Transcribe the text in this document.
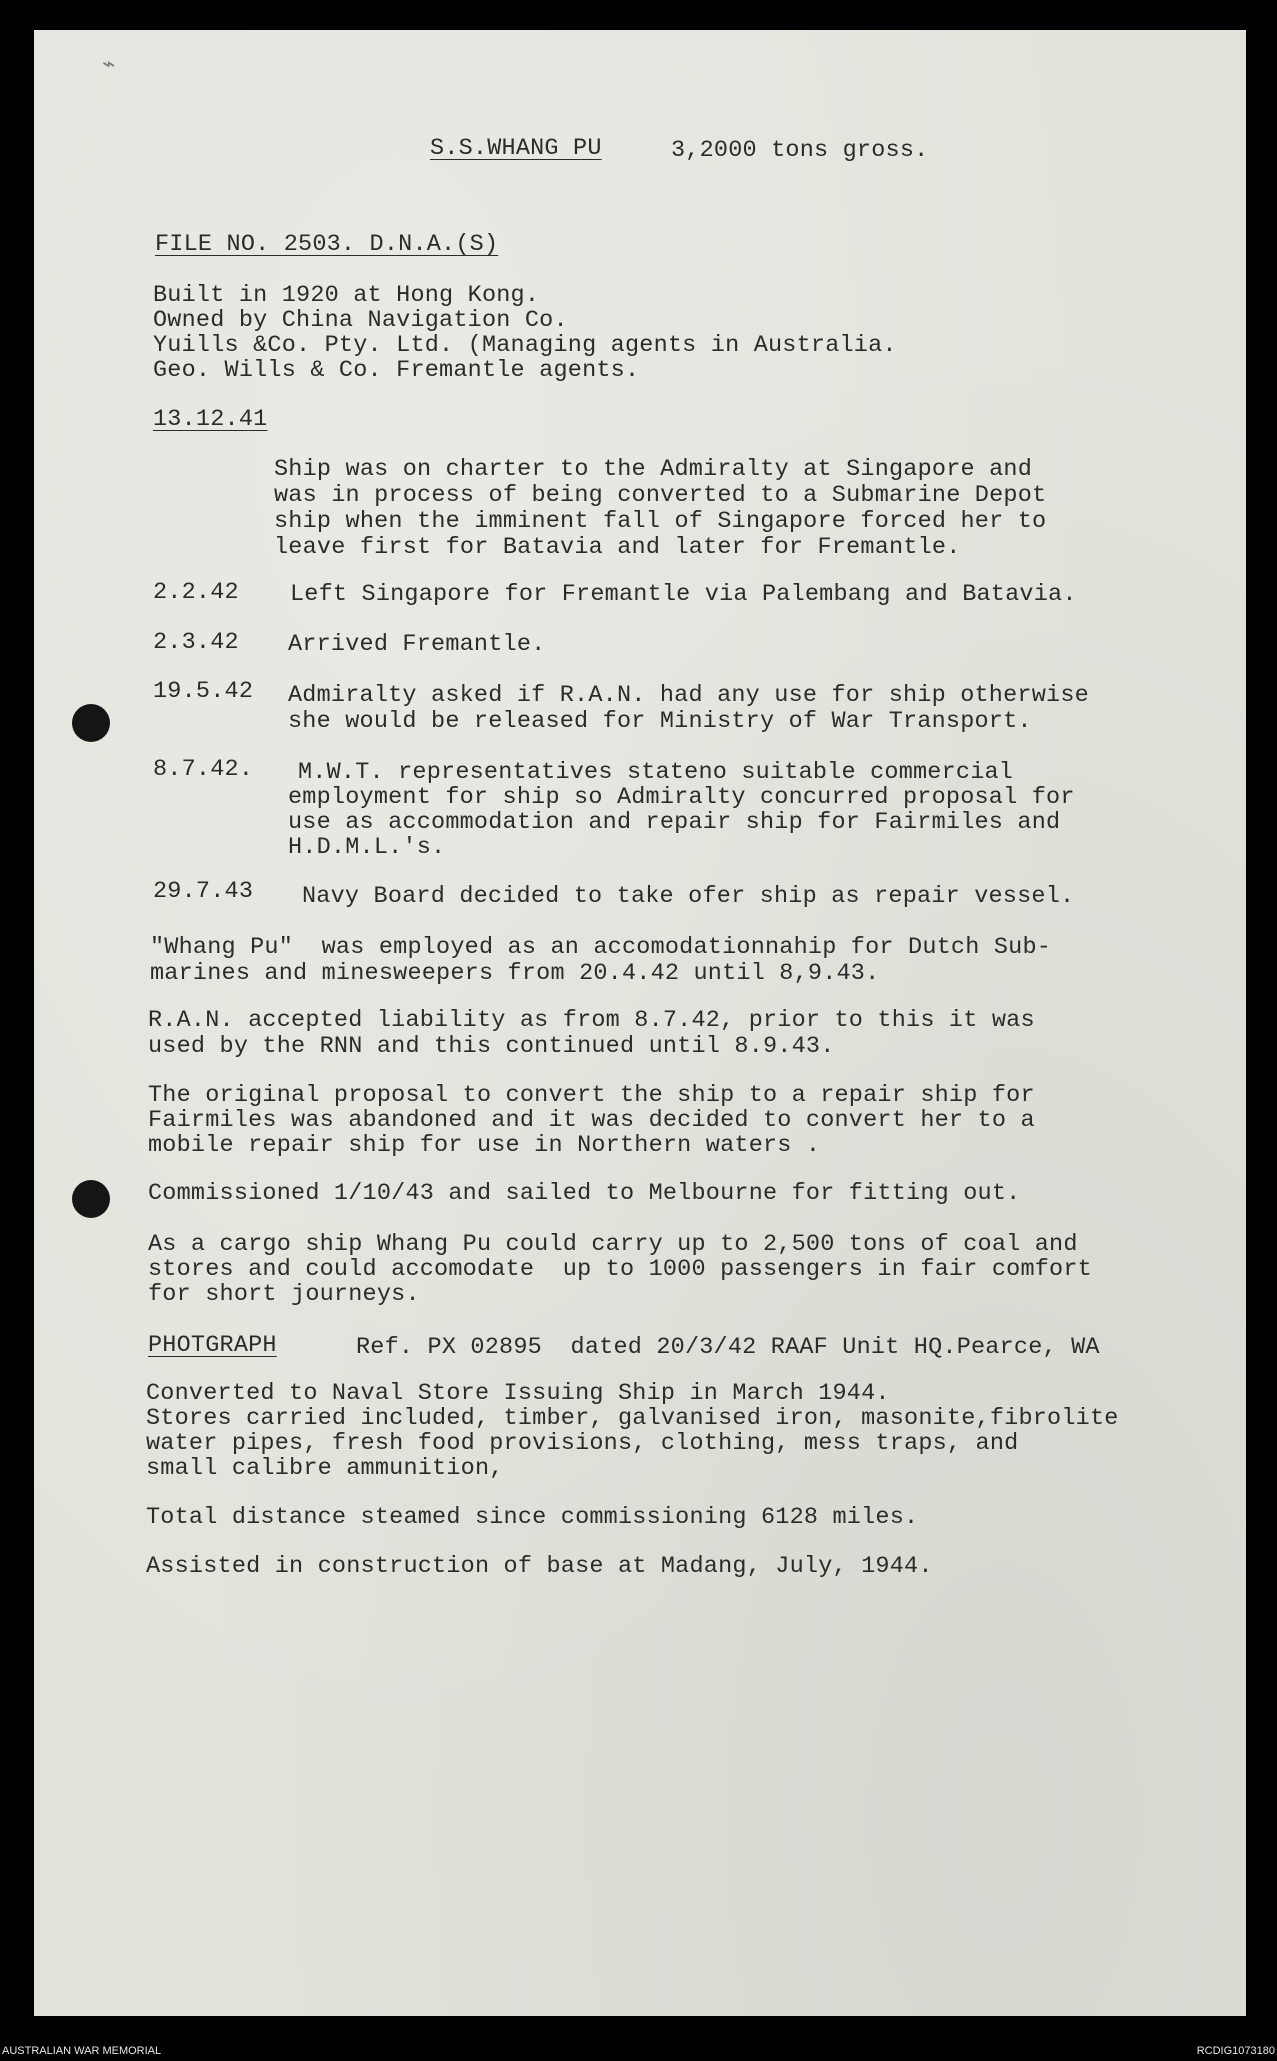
⌁
S.S.WHANG PU	3,2000 tons gross.
FILE NO. 2503. D.N.A.(S)
Built in 1920 at Hong Kong.
Owned by China Navigation Co.
Yuills &Co. Pty. Ltd. (Managing agents in Australia.
Geo. Wills & Co. Fremantle agents.
13.12.41
Ship was on charter to the Admiralty at Singapore and
was in process of being converted to a Submarine Depot
ship when the imminent fall of Singapore forced her to
leave first for Batavia and later for Fremantle.
2.2.42 Left Singapore for Fremantle via Palembang and Batavia.
2.3.42 Arrived Fremantle.
19.5.42 Admiralty asked if R.A.N. had any use for ship otherwise
she would be released for Ministry of War Transport.
8.7.42. M.W.T. representatives stateno suitable commercial
employment for ship so Admiralty concurred proposal for
use as accommodation and repair ship for Fairmiles and
H.D.M.L.'s.
29.7.43 Navy Board decided to take ofer ship as repair vessel.
"Whang Pu"  was employed as an accomodationnahip for Dutch Sub-
marines and minesweepers from 20.4.42 until 8,9.43.
R.A.N. accepted liability as from 8.7.42, prior to this it was
used by the RNN and this continued until 8.9.43.
The original proposal to convert the ship to a repair ship for
Fairmiles was abandoned and it was decided to convert her to a
mobile repair ship for use in Northern waters .
Commissioned 1/10/43 and sailed to Melbourne for fitting out.
As a cargo ship Whang Pu could carry up to 2,500 tons of coal and
stores and could accomodate  up to 1000 passengers in fair comfort
for short journeys.
PHOTGRAPH	Ref. PX 02895  dated 20/3/42 RAAF Unit HQ.Pearce, WA
Converted to Naval Store Issuing Ship in March 1944.
Stores carried included, timber, galvanised iron, masonite,fibrolite
water pipes, fresh food provisions, clothing, mess traps, and
small calibre ammunition,
Total distance steamed since commissioning 6128 miles.
Assisted in construction of base at Madang, July, 1944.
AUSTRALIAN WAR MEMORIAL	RCDIG1073180
